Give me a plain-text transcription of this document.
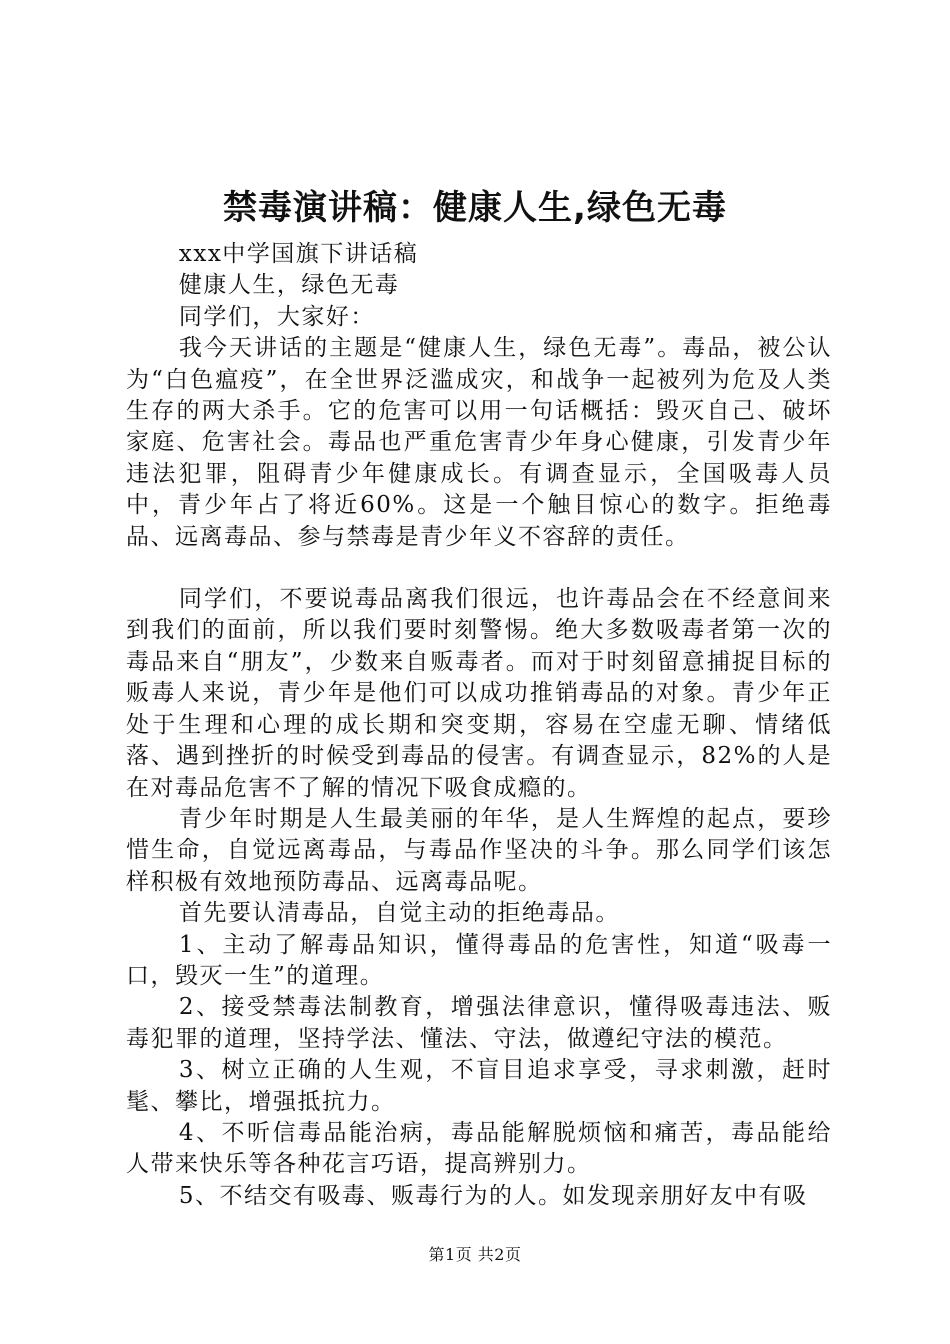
禁毒演讲稿：健康人生,绿色无毒

xxx中学国旗下讲话稿

健康人生，绿色无毒

同学们，大家好：

我今天讲话的主题是“健康人生，绿色无毒”。毒品，被公认为“白色瘟疫”，在全世界泛滥成灾，和战争一起被列为危及人类生存的两大杀手。它的危害可以用一句话概括：毁灭自己、破坏家庭、危害社会。毒品也严重危害青少年身心健康，引发青少年违法犯罪，阻碍青少年健康成长。有调查显示，全国吸毒人员中，青少年占了将近60%。这是一个触目惊心的数字。拒绝毒品、远离毒品、参与禁毒是青少年义不容辞的责任。

同学们，不要说毒品离我们很远，也许毒品会在不经意间来到我们的面前，所以我们要时刻警惕。绝大多数吸毒者第一次的毒品来自“朋友”，少数来自贩毒者。而对于时刻留意捕捉目标的贩毒人来说，青少年是他们可以成功推销毒品的对象。青少年正处于生理和心理的成长期和突变期，容易在空虚无聊、情绪低落、遇到挫折的时候受到毒品的侵害。有调查显示，82%的人是在对毒品危害不了解的情况下吸食成瘾的。

青少年时期是人生最美丽的年华，是人生辉煌的起点，要珍惜生命，自觉远离毒品，与毒品作坚决的斗争。那么同学们该怎样积极有效地预防毒品、远离毒品呢。

首先要认清毒品，自觉主动的拒绝毒品。

1、主动了解毒品知识，懂得毒品的危害性，知道“吸毒一口，毁灭一生”的道理。

2、接受禁毒法制教育，增强法律意识，懂得吸毒违法、贩毒犯罪的道理，坚持学法、懂法、守法，做遵纪守法的模范。

3、树立正确的人生观，不盲目追求享受，寻求刺激，赶时髦、攀比，增强抵抗力。

4、不听信毒品能治病，毒品能解脱烦恼和痛苦，毒品能给人带来快乐等各种花言巧语，提高辨别力。

5、不结交有吸毒、贩毒行为的人。如发现亲朋好友中有吸

第1页 共2页
